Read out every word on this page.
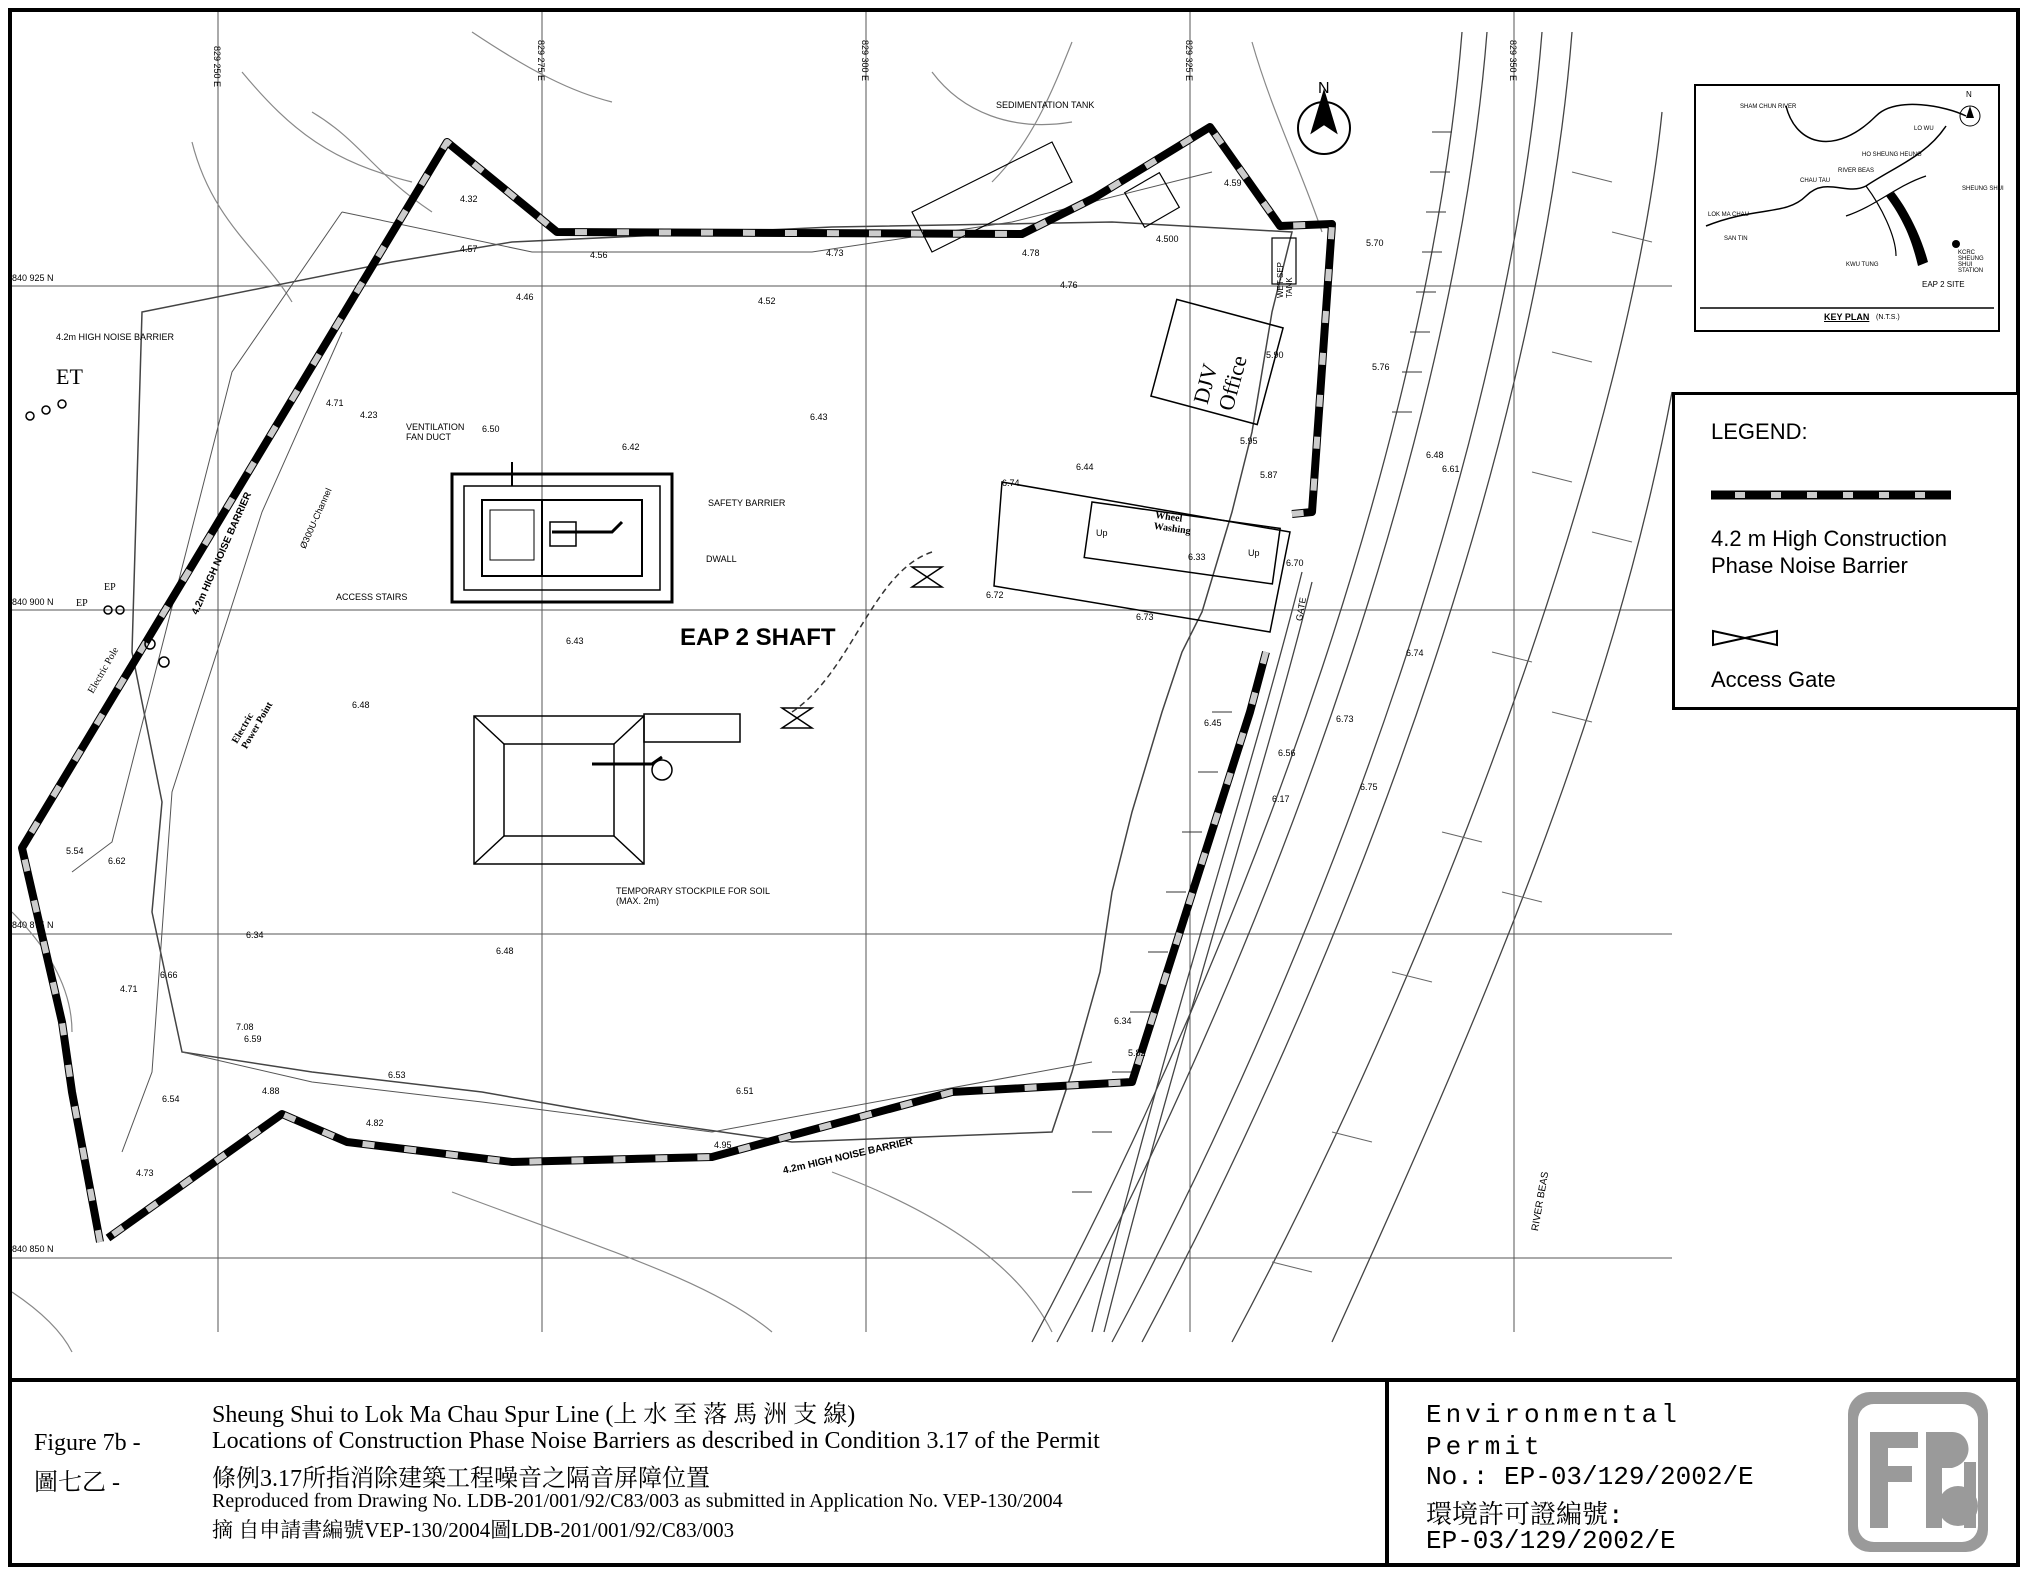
829 250 E	829 275 E	829 300 E	829 325 E	829 350 E
840 925 N
840 900 N
840 875 N
840 850 N
N
SEDIMENTATION TANK
4.2m HIGH NOISE BARRIER
4.2m HIGH NOISE BARRIER
4.2m HIGH NOISE BARRIER
Ø300U-Channel
VENTILATION
FAN DUCT
SAFETY BARRIER
DWALL
ACCESS STAIRS
EAP 2 SHAFT
Electric Pole
Electric
Power Point
EP
EP
ET	DJV
Office
WET-SEP
TANK
Wheel
Washing
Up
Up
GATE
TEMPORARY STOCKPILE FOR SOIL
(MAX. 2m)
RIVER BEAS
4.32
4.57
4.56	4.73	4.78
4.500
4.46	4.52
4.76
4.59
5.70
4.71
4.23
6.50
6.42
6.43
6.44
6.74
5.76
5.90
5.95
5.87
6.48
6.61
6.33
6.70
6.72
6.73
6.43
6.48
6.74
6.45
6.56
6.73
6.75
6.17
5.54
6.62
6.34
6.66
4.71
6.48
7.08
6.59
6.53
6.51
6.34
5.82
4.88
4.82
4.95
6.54
4.73
N
SHAM CHUN RIVER
LO WU
HO SHEUNG HEUNG
RIVER BEAS
CHAU TAU
SHEUNG SHUI
LOK MA CHAU
SAN TIN
KWU TUNG
KCRC SHEUNG SHUI STATION
EAP 2 SITE
KEY PLAN (N.T.S.)
LEGEND:
4.2 m High Construction
Phase Noise Barrier
Access Gate
Figure 7b -
圖七乙 -
Sheung Shui to Lok Ma Chau Spur Line (上 水 至 落 馬 洲 支 線)
Locations of Construction Phase Noise Barriers as described in Condition 3.17 of the Permit
條例3.17所指消除建築工程噪音之隔音屏障位置
Reproduced from Drawing No. LDB-201/001/92/C83/003 as submitted in Application No. VEP-130/2004
摘 自申請書編號VEP-130/2004圖LDB-201/001/92/C83/003
Environmental
Permit
No.: EP-03/129/2002/E
環境許可證編號:
EP-03/129/2002/E
